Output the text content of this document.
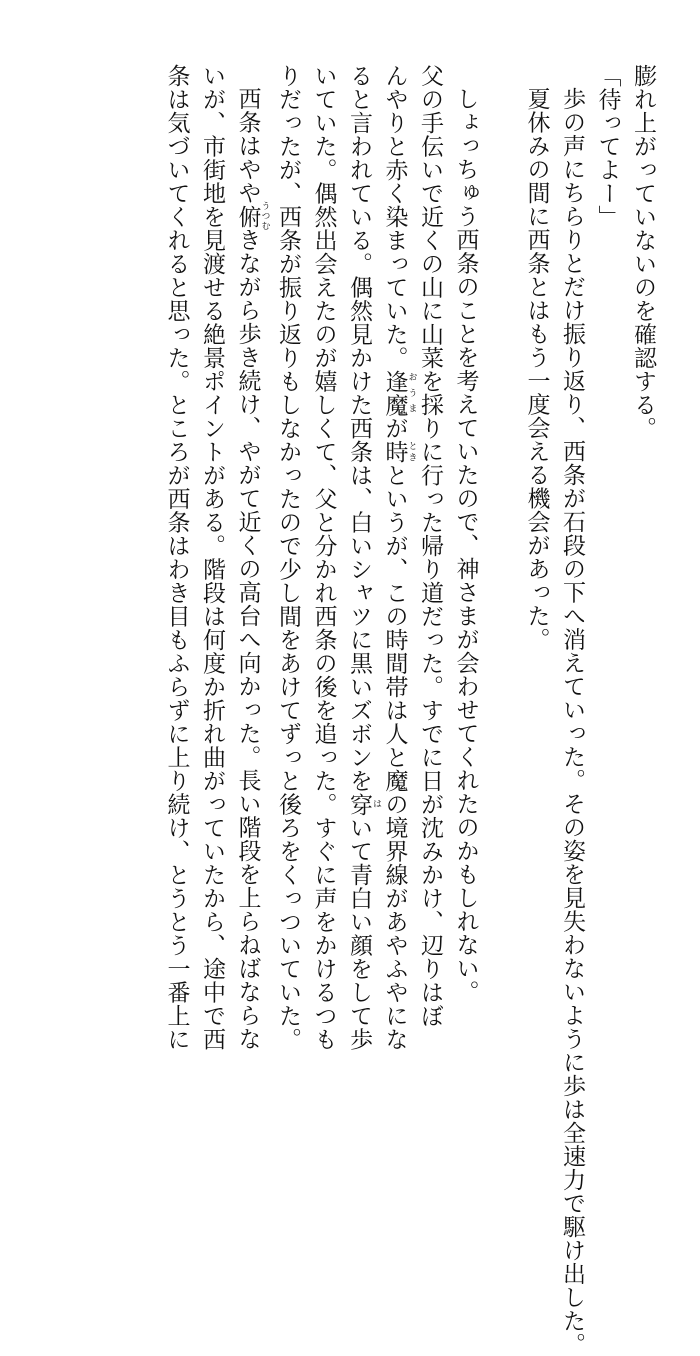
膨れ上がっていないのを確認する。
「待ってよー」
歩の声にちらりとだけ振り返り、西条が石段の下へ消えていった。その姿を見失わないように歩は全速力で駆け出した。
夏休みの間に西条とはもう一度会える機会があった。
しょっちゅう西条のことを考えていたので、神さまが会わせてくれたのかもしれない。
父の手伝いで近くの山に山菜を採りに行った帰り道だった。すでに日が沈みかけ、辺りはぼ
んやりと赤く染まっていた。逢魔 おうまが時 ときというが、この時間帯は人と魔の境界線があやふやにな
ると言われている。偶然見かけた西条は、白いシャツに黒いズボンを穿 はいて青白い顔をして歩
いていた。偶然出会えたのが嬉しくて、父と分かれ西条の後を追った。すぐに声をかけるつも
りだったが、西条が振り返りもしなかったので少し間をあけてずっと後ろをくっついていた。
西条はやや俯 うつむきながら歩き続け、やがて近くの高台へ向かった。長い階段を上らねばならな
いが、市街地を見渡せる絶景ポイントがある。階段は何度か折れ曲がっていたから、途中で西
条は気づいてくれると思った。ところが西条はわき目もふらずに上り続け、とうとう一番上に
